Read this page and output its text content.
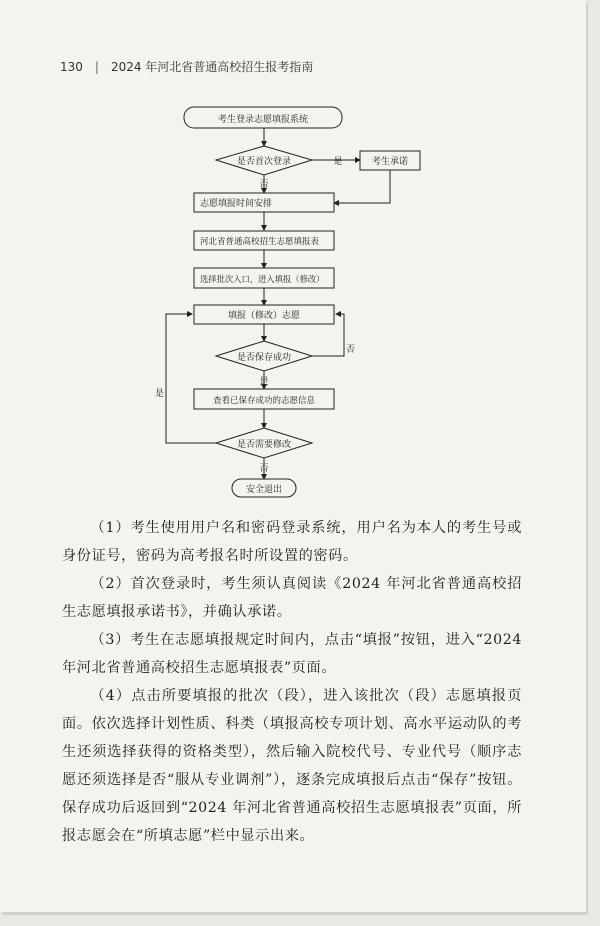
130 | 2024 年河北省普通高校招生报考指南
考生登录志愿填报系统
是否首次登录	是
否
考生承诺
志愿填报时间安排
河北省普通高校招生志愿填报表
选择批次入口，进入填报（修改）
填报（修改）志愿
是否保存成功
否
是
查看已保存成功的志愿信息
是否需要修改
是
否
安全退出

（1）考生使用用户名和密码登录系统，用户名为本人的考生号或身份证号，密码为高考报名时所设置的密码。

（2）首次登录时，考生须认真阅读《2024 年河北省普通高校招生志愿填报承诺书》，并确认承诺。

（3）考生在志愿填报规定时间内，点击“填报”按钮，进入“2024 年河北省普通高校招生志愿填报表”页面。

（4）点击所要填报的批次（段），进入该批次（段）志愿填报页面。依次选择计划性质、科类（填报高校专项计划、高水平运动队的考生还须选择获得的资格类型），然后输入院校代号、专业代号（顺序志愿还须选择是否“服从专业调剂”），逐条完成填报后点击“保存”按钮。保存成功后返回到“2024 年河北省普通高校招生志愿填报表”页面，所报志愿会在“所填志愿”栏中显示出来。
